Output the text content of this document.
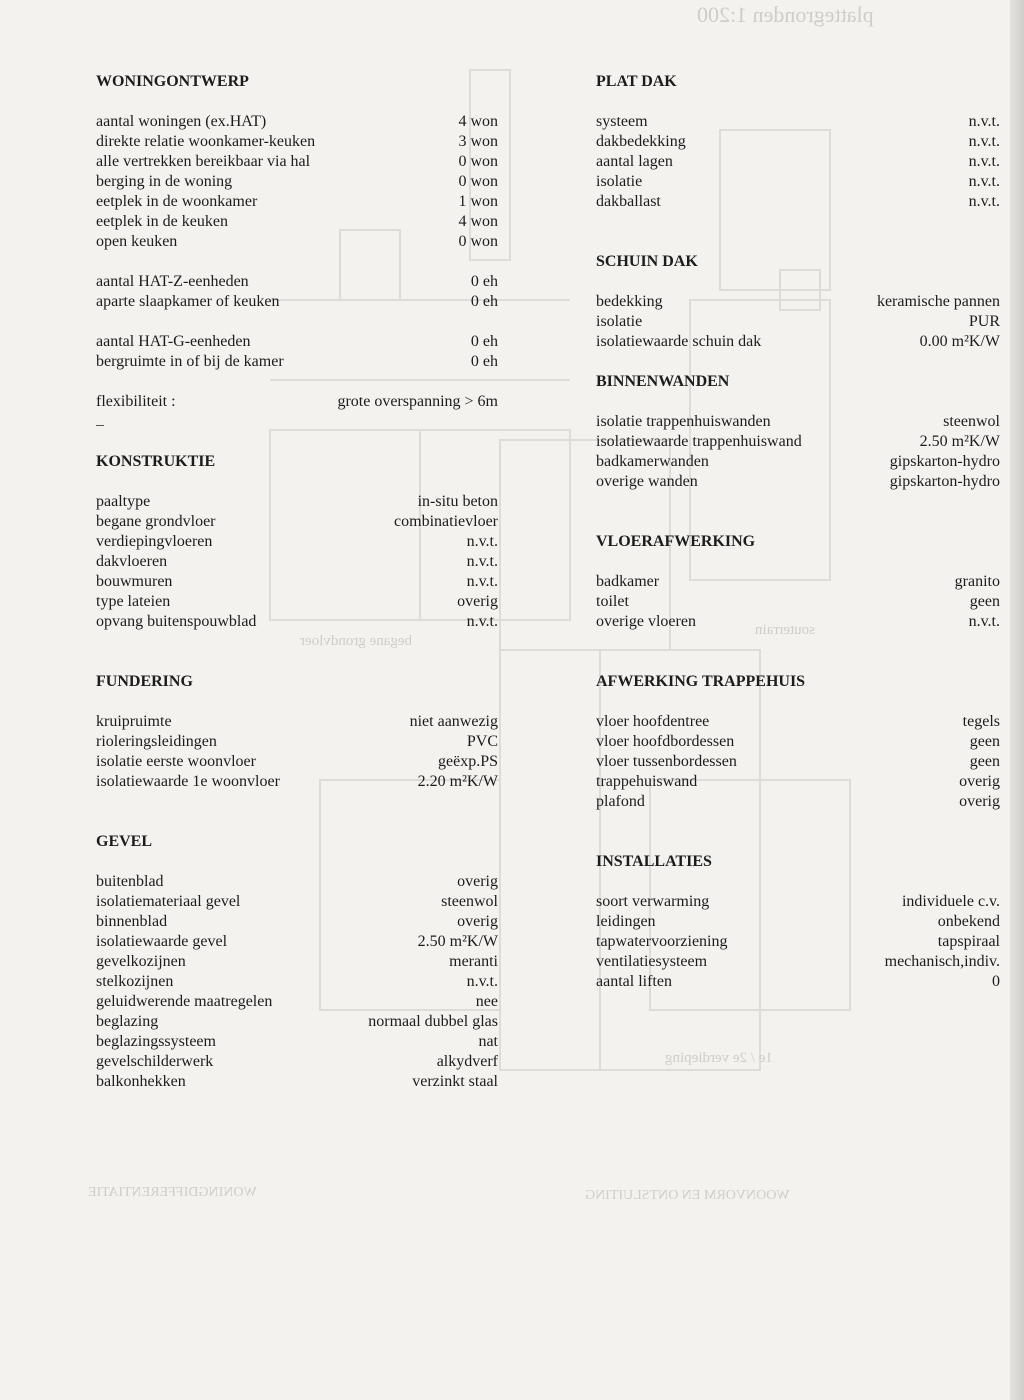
plattegronden 1:200
souterrain
begane grondvloer
1e / 2e verdieping
WONINGDIFFERENTIATIE	WOONVORM EN ONTSLUITING
WONINGONTWERP
aantal woningen (ex.HAT)	4 won
direkte relatie woonkamer-keuken	3 won
alle vertrekken bereikbaar via hal	0 won
berging in de woning	0 won
eetplek in de woonkamer	1 won
eetplek in de keuken	4 won
open keuken	0 won
aantal HAT-Z-eenheden	0 eh
aparte slaapkamer of keuken	0 eh
aantal HAT-G-eenheden	0 eh
bergruimte in of bij de kamer	0 eh
flexibiliteit :	grote overspanning > 6m
KONSTRUKTIE
paaltype	in-situ beton
begane grondvloer	combinatievloer
verdiepingvloeren	n.v.t.
dakvloeren	n.v.t.
bouwmuren	n.v.t.
type lateien	overig
opvang buitenspouwblad	n.v.t.
FUNDERING
kruipruimte	niet aanwezig
rioleringsleidingen	PVC
isolatie eerste woonvloer	geëxp.PS
isolatiewaarde 1e woonvloer	2.20 m²K/W
GEVEL
buitenblad	overig
isolatiemateriaal gevel	steenwol
binnenblad	overig
isolatiewaarde gevel	2.50 m²K/W
gevelkozijnen	meranti
stelkozijnen	n.v.t.
geluidwerende maatregelen	nee
beglazing	normaal dubbel glas
beglazingssysteem	nat
gevelschilderwerk	alkydverf
balkonhekken	verzinkt staal
PLAT DAK
systeem	n.v.t.
dakbedekking	n.v.t.
aantal lagen	n.v.t.
isolatie	n.v.t.
dakballast	n.v.t.
SCHUIN DAK
bedekking	keramische pannen
isolatie	PUR
isolatiewaarde schuin dak	0.00 m²K/W
BINNENWANDEN
isolatie trappenhuiswanden	steenwol
isolatiewaarde trappenhuiswand	2.50 m²K/W
badkamerwanden	gipskarton-hydro
overige wanden	gipskarton-hydro
VLOERAFWERKING
badkamer	granito
toilet	geen
overige vloeren	n.v.t.
AFWERKING TRAPPEHUIS
vloer hoofdentree	tegels
vloer hoofdbordessen	geen
vloer tussenbordessen	geen
trappehuiswand	overig
plafond	overig
INSTALLATIES
soort verwarming	individuele c.v.
leidingen	onbekend
tapwatervoorziening	tapspiraal
ventilatiesysteem	mechanisch,indiv.
aantal liften	0
